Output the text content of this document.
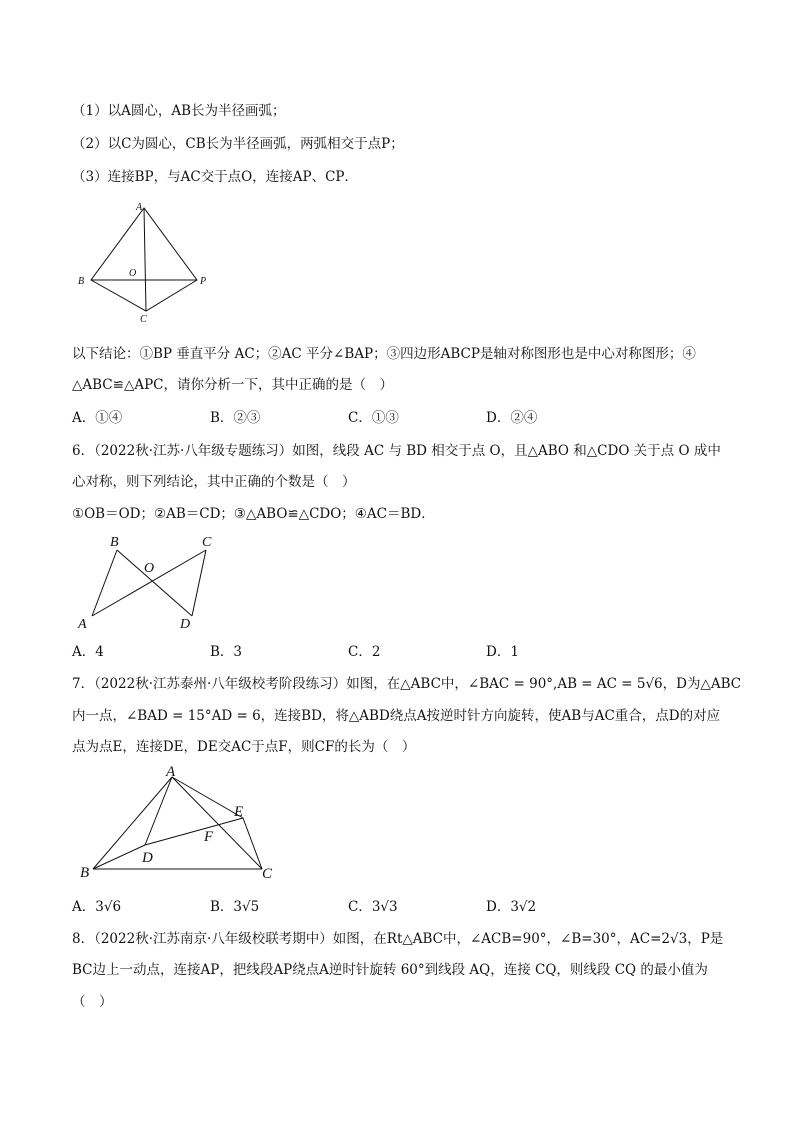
（1）以A圆心，AB长为半径画弧；
（2）以C为圆心，CB长为半径画弧，两弧相交于点P；
（3）连接BP，与AC交于点O，连接AP、CP．
A
B
C
P
O
以下结论：①BP 垂直平分 AC；②AC 平分∠BAP；③四边形ABCP是轴对称图形也是中心对称图形；④
△ABC≌△APC，请你分析一下，其中正确的是（　）
A．①④	B．②③	C．①③	D．②④
6．（2022秋·江苏·八年级专题练习）如图，线段 AC 与 BD 相交于点 O，且△ABO 和△CDO 关于点 O 成中
心对称，则下列结论，其中正确的个数是（　）
①OB＝OD；②AB＝CD；③△ABO≌△CDO；④AC＝BD．
B	C
O
A	D
A．4	B．3	C．2	D．1
7．（2022秋·江苏泰州·八年级校考阶段练习）如图，在△ABC中，∠BAC = 90°,AB = AC = 5√6，D为△ABC
内一点，∠BAD = 15°AD = 6，连接BD，将△ABD绕点A按逆时针方向旋转，使AB与AC重合，点D的对应
点为点E，连接DE，DE交AC于点F，则CF的长为（　）
A
E
F
D
B	C
A．3√6	B．3√5	C．3√3	D．3√2
8．（2022秋·江苏南京·八年级校联考期中）如图，在Rt△ABC中，∠ACB=90°，∠B=30°，AC=2√3，P是
BC边上一动点，连接AP，把线段AP绕点A逆时针旋转 60°到线段 AQ，连接 CQ，则线段 CQ 的最小值为
（　）
